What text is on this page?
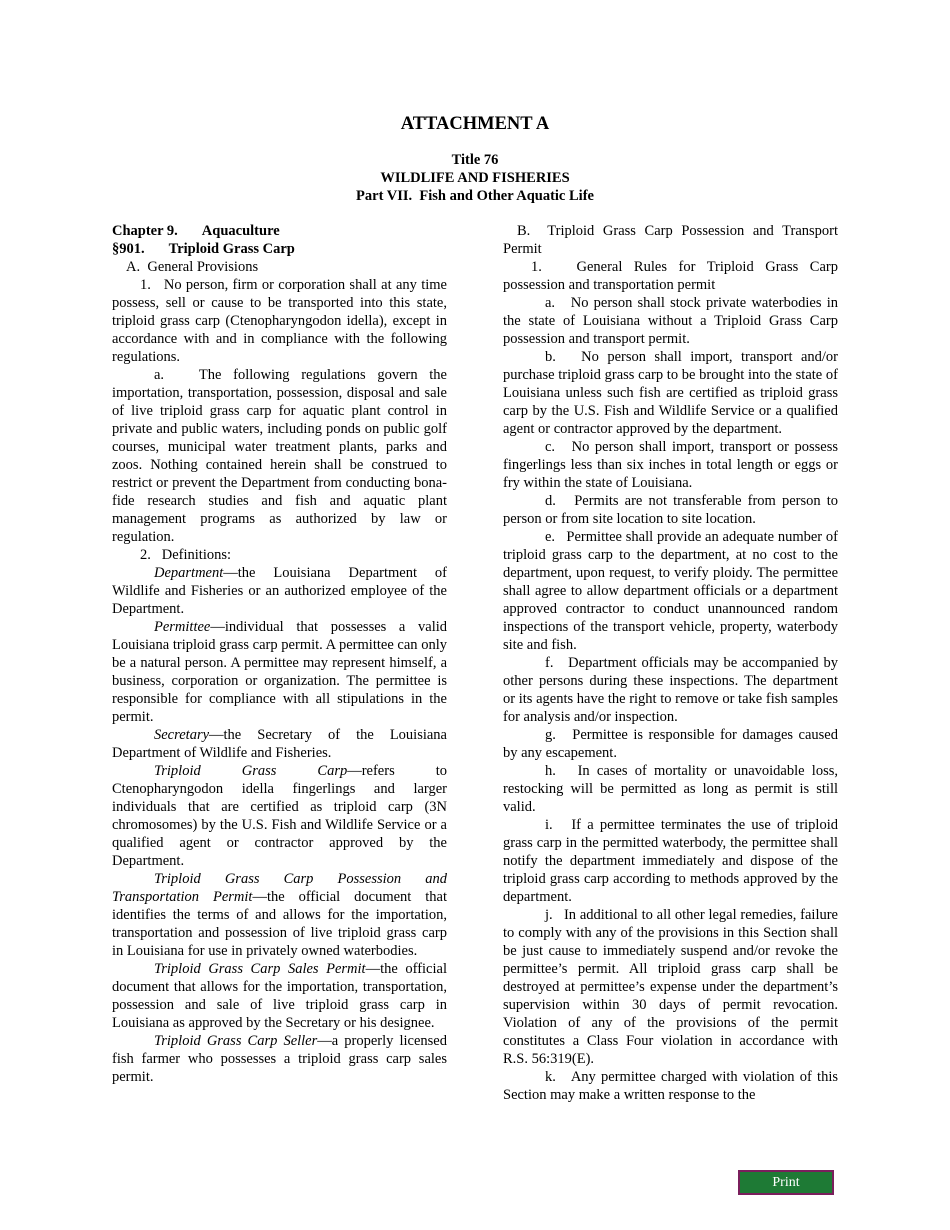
ATTACHMENT A
Title 76
WILDLIFE AND FISHERIES
Part VII.  Fish and Other Aquatic Life

Chapter 9. Aquaculture

§901. Triploid Grass Carp

A.  General Provisions

1.   No person, firm or corporation shall at any time possess, sell or cause to be transported into this state, triploid grass carp (Ctenopharyngodon idella), except in accordance with and in compliance with the following regulations.

a.   The following regulations govern the importation, transportation, possession, disposal and sale of live triploid grass carp for aquatic plant control in private and public waters, including ponds on public golf courses, municipal water treatment plants, parks and zoos. Nothing contained herein shall be construed to restrict or prevent the Department from conducting bona-fide research studies and fish and aquatic plant management programs as authorized by law or regulation.

2.   Definitions:

Department—the Louisiana Department of Wildlife and Fisheries or an authorized employee of the Department.

Permittee—individual that possesses a valid Louisiana triploid grass carp permit. A permittee can only be a natural person. A permittee may represent himself, a business, corporation or organization. The permittee is responsible for compliance with all stipulations in the permit.

Secretary—the Secretary of the Louisiana Department of Wildlife and Fisheries.

Triploid Grass Carp—refers to Ctenopharyngodon idella fingerlings and larger individuals that are certified as triploid carp (3N chromosomes) by the U.S. Fish and Wildlife Service or a qualified agent or contractor approved by the Department.

Triploid Grass Carp Possession and Transportation Permit—the official document that identifies the terms of and allows for the importation, transportation and possession of live triploid grass carp in Louisiana for use in privately owned waterbodies.

Triploid Grass Carp Sales Permit—the official document that allows for the importation, transportation, possession and sale of live triploid grass carp in Louisiana as approved by the Secretary or his designee.

Triploid Grass Carp Seller—a properly licensed fish farmer who possesses a triploid grass carp sales permit.

B.  Triploid Grass Carp Possession and Transport Permit

1.   General Rules for Triploid Grass Carp possession and transportation permit

a.   No person shall stock private waterbodies in the state of Louisiana without a Triploid Grass Carp possession and transport permit.

b.   No person shall import, transport and/or purchase triploid grass carp to be brought into the state of Louisiana unless such fish are certified as triploid grass carp by the U.S. Fish and Wildlife Service or a qualified agent or contractor approved by the department.

c.   No person shall import, transport or possess fingerlings less than six inches in total length or eggs or fry within the state of Louisiana.

d.   Permits are not transferable from person to person or from site location to site location.

e.   Permittee shall provide an adequate number of triploid grass carp to the department, at no cost to the department, upon request, to verify ploidy. The permittee shall agree to allow department officials or a department approved contractor to conduct unannounced random inspections of the transport vehicle, property, waterbody site and fish.

f.   Department officials may be accompanied by other persons during these inspections. The department or its agents have the right to remove or take fish samples for analysis and/or inspection.

g.   Permittee is responsible for damages caused by any escapement.

h.   In cases of mortality or unavoidable loss, restocking will be permitted as long as permit is still valid.

i.   If a permittee terminates the use of triploid grass carp in the permitted waterbody, the permittee shall notify the department immediately and dispose of the triploid grass carp according to methods approved by the department.

j.   In additional to all other legal remedies, failure to comply with any of the provisions in this Section shall be just cause to immediately suspend and/or revoke the permittee’s permit. All triploid grass carp shall be destroyed at permittee’s expense under the department’s supervision within 30 days of permit revocation. Violation of any of the provisions of the permit constitutes a Class Four violation in accordance with R.S. 56:319(E).

k.   Any permittee charged with violation of this Section may make a written response to the

Print
